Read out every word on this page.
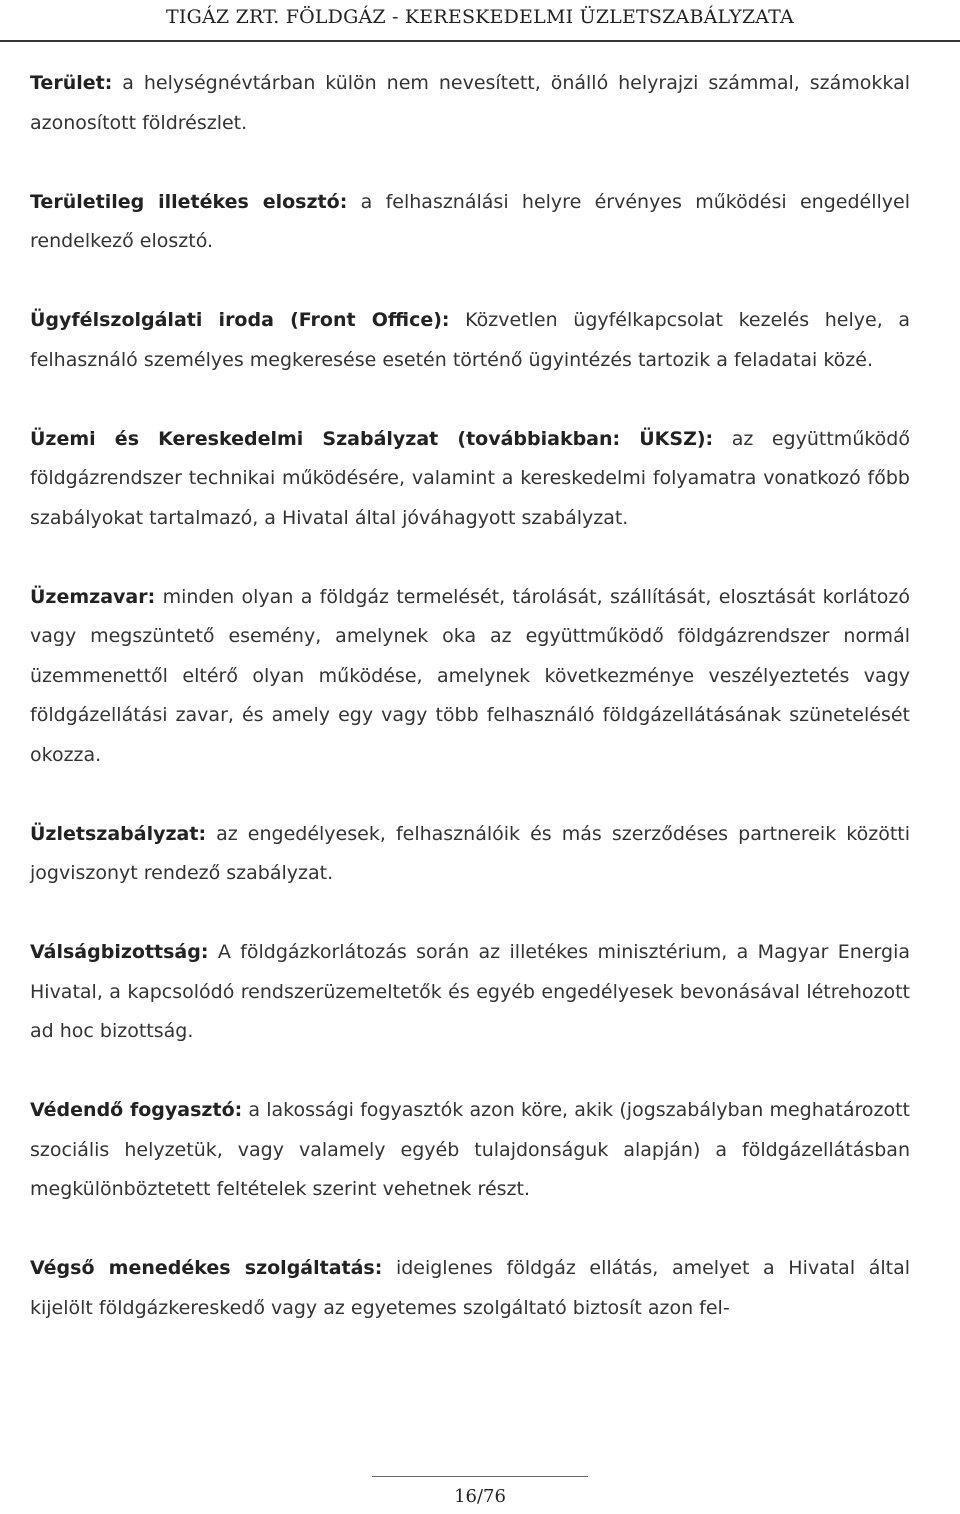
TIGÁZ ZRT. FÖLDGÁZ - KERESKEDELMI ÜZLETSZABÁLYZATA

Terület: a helységnévtárban külön nem nevesített, önálló helyrajzi számmal, számokkal azonosított földrészlet.

Területileg illetékes elosztó: a felhasználási helyre érvényes működési engedéllyel rendelkező elosztó.

Ügyfélszolgálati iroda (Front Office): Közvetlen ügyfélkapcsolat kezelés helye, a felhasználó személyes megkeresése esetén történő ügyintézés tartozik a feladatai közé.

Üzemi és Kereskedelmi Szabályzat (továbbiakban: ÜKSZ): az együttműködő földgázrendszer technikai működésére, valamint a kereskedelmi folyamatra vonatkozó főbb szabályokat tartalmazó, a Hivatal által jóváhagyott szabályzat.

Üzemzavar: minden olyan a földgáz termelését, tárolását, szállítását, elosztását korlátozó vagy megszüntető esemény, amelynek oka az együttműködő földgázrendszer normál üzemmenettől eltérő olyan működése, amelynek következménye veszélyeztetés vagy földgázellátási zavar, és amely egy vagy több felhasználó földgázellátásának szünetelését okozza.

Üzletszabályzat: az engedélyesek, felhasználóik és más szerződéses partnereik közötti jogviszonyt rendező szabályzat.

Válságbizottság: A földgázkorlátozás során az illetékes minisztérium, a Magyar Energia Hivatal, a kapcsolódó rendszerüzemeltetők és egyéb engedélyesek bevonásával létrehozott ad hoc bizottság.

Védendő fogyasztó: a lakossági fogyasztók azon köre, akik (jogszabályban meghatározott szociális helyzetük, vagy valamely egyéb tulajdonságuk alapján) a földgázellátásban megkülönböztetett feltételek szerint vehetnek részt.

Végső menedékes szolgáltatás: ideiglenes földgáz ellátás, amelyet a Hivatal által kijelölt földgázkereskedő vagy az egyetemes szolgáltató biztosít azon fel-

16/76
